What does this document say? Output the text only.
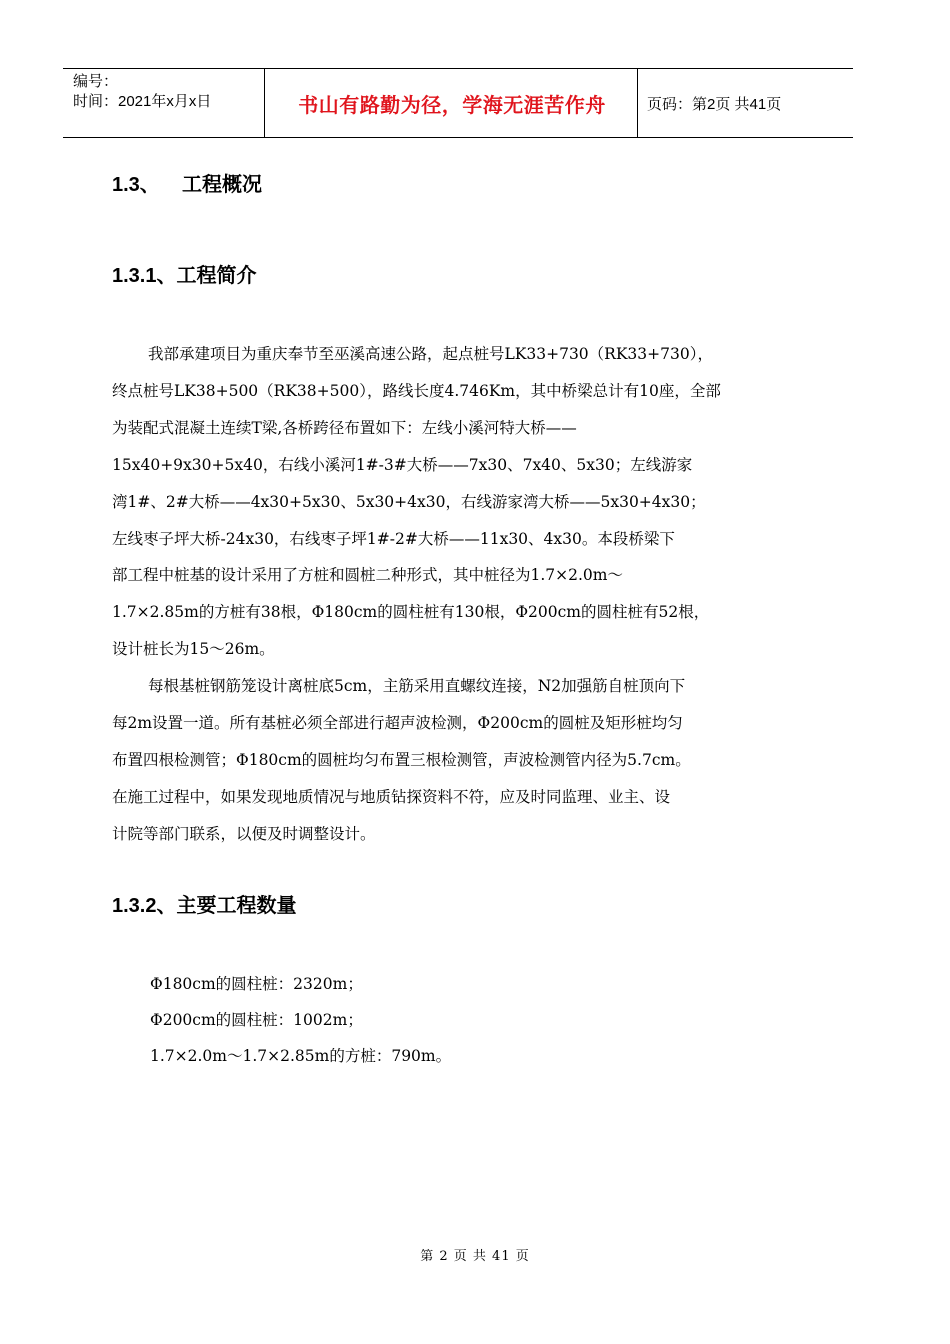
编号：
时间：2021年x月x日	书山有路勤为径，学海无涯苦作舟	页码：第2页 共41页
1.3、    工程概况
1.3.1、工程简介

我部承建项目为重庆奉节至巫溪高速公路，起点桩号LK33+730（RK33+730），
终点桩号LK38+500（RK38+500），路线长度4.746Km，其中桥梁总计有10座，全部
为装配式混凝土连续T梁,各桥跨径布置如下：左线小溪河特大桥——
15x40+9x30+5x40，右线小溪河1#-3#大桥——7x30、7x40、5x30；左线游家
湾1#、2#大桥——4x30+5x30、5x30+4x30，右线游家湾大桥——5x30+4x30；
左线枣子坪大桥-24x30，右线枣子坪1#-2#大桥——11x30、4x30。本段桥梁下
部工程中桩基的设计采用了方桩和圆桩二种形式，其中桩径为1.7×2.0m～
1.7×2.85m的方桩有38根，Φ180cm的圆柱桩有130根，Φ200cm的圆柱桩有52根，
设计桩长为15～26m。

每根基桩钢筋笼设计离桩底5cm，主筋采用直螺纹连接，N2加强筋自桩顶向下
每2m设置一道。所有基桩必须全部进行超声波检测，Φ200cm的圆桩及矩形桩均匀
布置四根检测管；Φ180cm的圆桩均匀布置三根检测管，声波检测管内径为5.7cm。
在施工过程中，如果发现地质情况与地质钻探资料不符，应及时同监理、业主、设
计院等部门联系，以便及时调整设计。

1.3.2、主要工程数量
Φ180cm的圆柱桩：2320m；
Φ200cm的圆柱桩：1002m；
1.7×2.0m～1.7×2.85m的方桩：790m。
第 2 页 共 41 页
